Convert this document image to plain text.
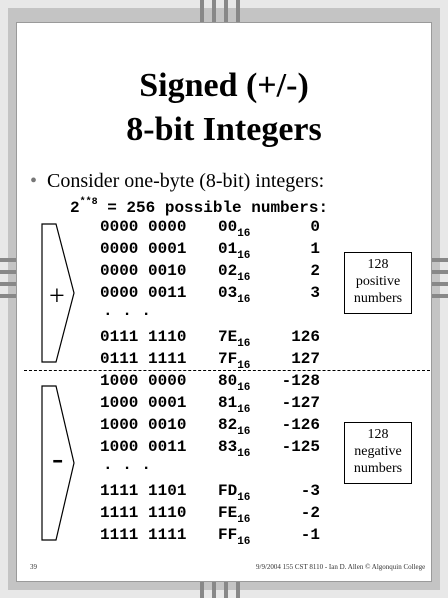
Signed (+/-)
8-bit Integers
• Consider one-byte (8-bit) integers:
$2^{**8} = 256$ possible numbers:
0000 0000	$00_{16}$	0
0000 0001	$01_{16}$	1
0000 0010	$02_{16}$	2
0000 0011	$03_{16}$	3
0111 1110	$7E_{16}$	126
0111 1111	$7F_{16}$	127
1000 0000	$80_{16}$	-128
1000 0001	$81_{16}$	-127
1000 0010	$82_{16}$	-126
1000 0011	$83_{16}$	-125
1111 1101	$FD_{16}$	-3
1111 1110	$FE_{16}$	-2
1111 1111	$FF_{16}$	-1
. . .
. . .
+
-
128
positive
numbers
128
negative
numbers
39	9/9/2004 155 CST 8110 - Ian D. Allen © Algonquin College
